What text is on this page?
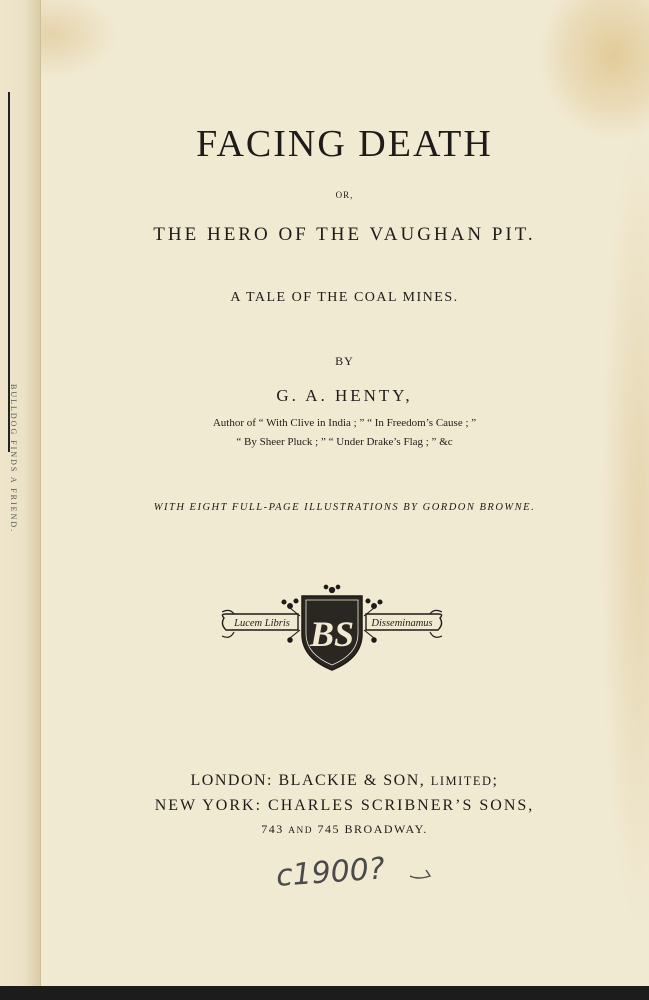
BULLDOG FINDS A FRIEND.
FACING DEATH
OR,
THE HERO OF THE VAUGHAN PIT.
A TALE OF THE COAL MINES.
BY
G. A. HENTY,
Author of “ With Clive in India ; ” “ In Freedom’s Cause ; ”
“ By Sheer Pluck ; ” “ Under Drake’s Flag ; ” &c
WITH EIGHT FULL-PAGE ILLUSTRATIONS BY GORDON BROWNE.
BS
Lucem Libris	Disseminamus
LONDON: BLACKIE & SON, LIMITED;
NEW YORK: CHARLES SCRIBNER’S SONS,
743 AND 745 BROADWAY.
c1900?
